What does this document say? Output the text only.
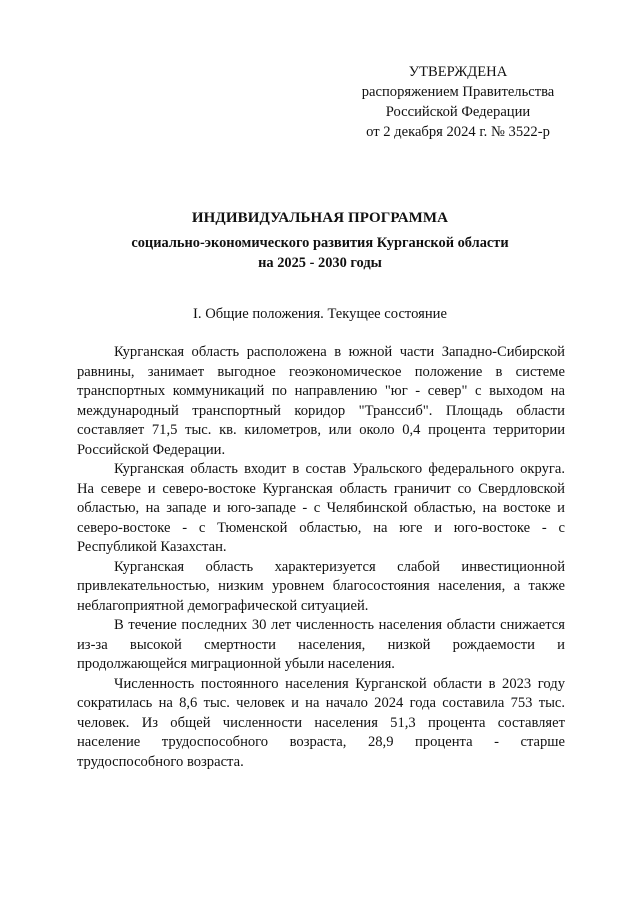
УТВЕРЖДЕНА
распоряжением Правительства
Российской Федерации
от 2 декабря 2024 г. № 3522-р
ИНДИВИДУАЛЬНАЯ ПРОГРАММА
социально-экономического развития Курганской области
на 2025 - 2030 годы
I. Общие положения. Текущее состояние

Курганская область расположена в южной части Западно-Сибирской равнины, занимает выгодное геоэкономическое положение в системе транспортных коммуникаций по направлению "юг - север" с выходом на международный транспортный коридор "Транссиб". Площадь области составляет 71,5 тыс. кв. километров, или около 0,4 процента территории Российской Федерации.

Курганская область входит в состав Уральского федерального округа. На севере и северо-востоке Курганская область граничит со Свердловской областью, на западе и юго-западе - с Челябинской областью, на востоке и северо-востоке - с Тюменской областью, на юге и юго-востоке - с Республикой Казахстан.

Курганская область характеризуется слабой инвестиционной привлекательностью, низким уровнем благосостояния населения, а также неблагоприятной демографической ситуацией.

В течение последних 30 лет численность населения области снижается из-за высокой смертности населения, низкой рождаемости и продолжающейся миграционной убыли населения.

Численность постоянного населения Курганской области в 2023 году сократилась на 8,6 тыс. человек и на начало 2024 года составила 753 тыс. человек. Из общей численности населения 51,3 процента составляет население трудоспособного возраста, 28,9 процента - старше трудоспособного возраста.
